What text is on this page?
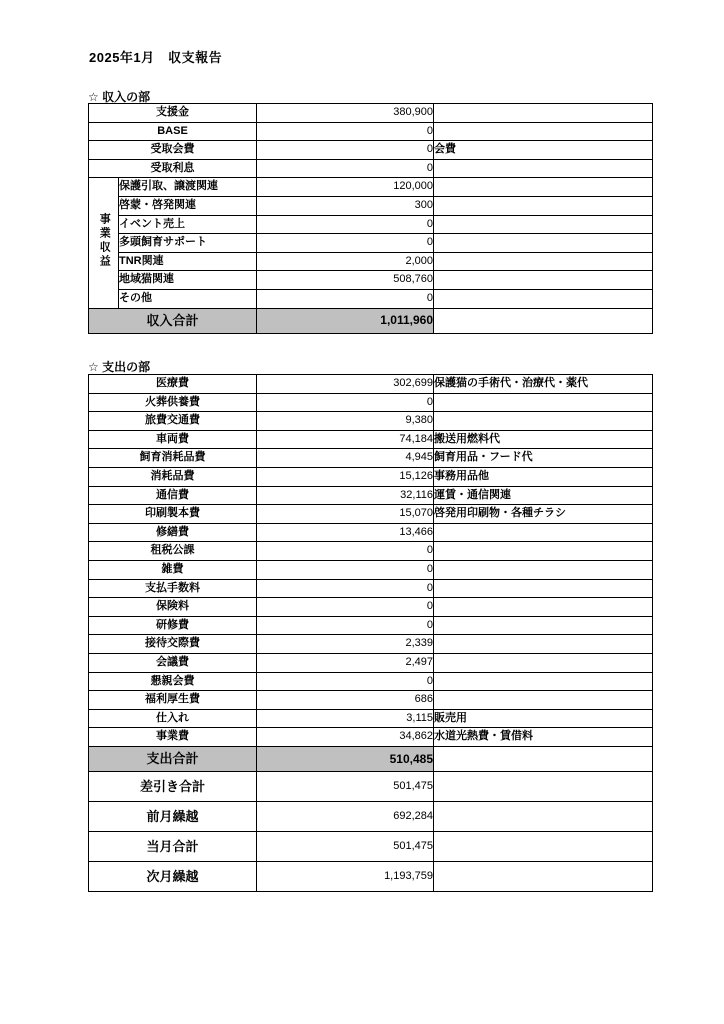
2025年1月　収支報告
☆ 収入の部
支援金		380,900	
BASE		0	
受取会費		0	会費
受取利息		0	
事業収益	保護引取、譲渡関連	120,000	
	啓蒙・啓発関連	300	
	イベント売上	0	
	多頭飼育サポート	0	
	TNR関連	2,000	
	地域猫関連	508,760	
	その他	0	
収入合計		1,011,960	
☆ 支出の部
医療費	302,699	保護猫の手術代・治療代・薬代
火葬供養費	0	
旅費交通費	9,380	
車両費	74,184	搬送用燃料代
飼育消耗品費	4,945	飼育用品・フード代
消耗品費	15,126	事務用品他
通信費	32,116	運賃・通信関連
印刷製本費	15,070	啓発用印刷物・各種チラシ
修繕費	13,466	
租税公課	0	
雑費	0	
支払手数料	0	
保険料	0	
研修費	0	
接待交際費	2,339	
会議費	2,497	
懇親会費	0	
福利厚生費	686	
仕入れ	3,115	販売用
事業費	34,862	水道光熱費・賃借料
支出合計	510,485	
差引き合計	501,475	
前月繰越	692,284	
当月合計	501,475	
次月繰越	1,193,759	
